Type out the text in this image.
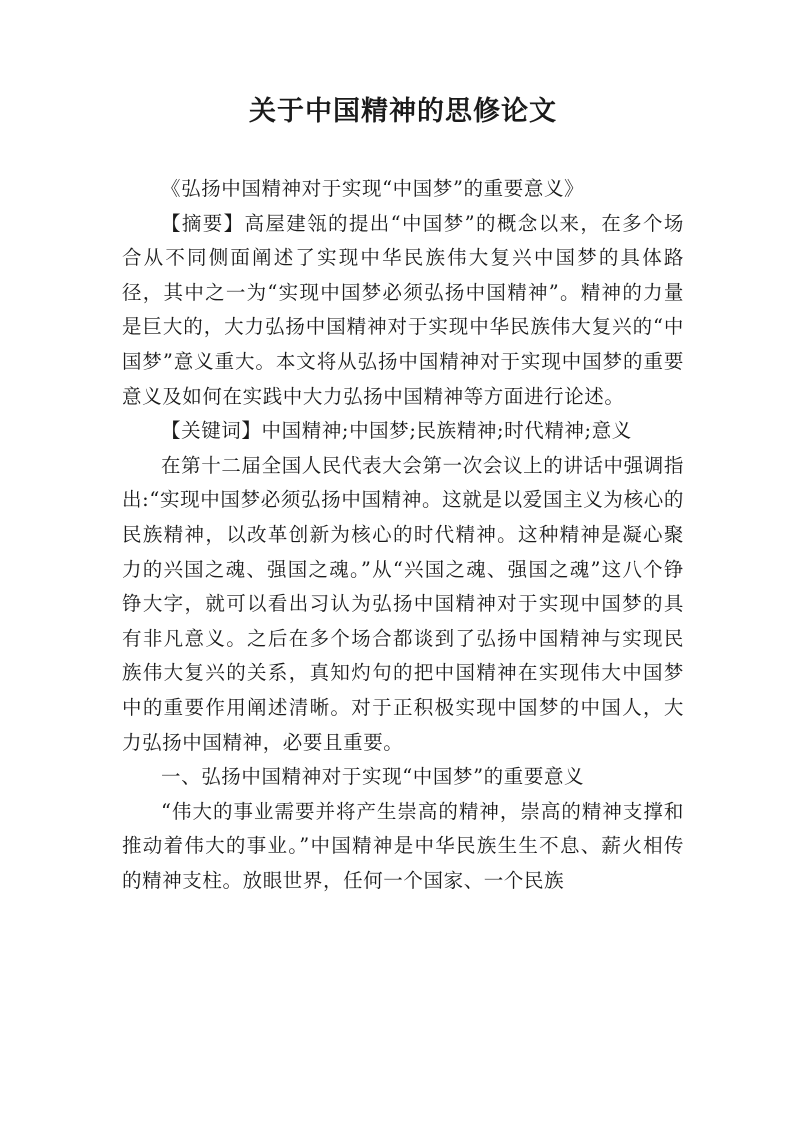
关于中国精神的思修论文

《弘扬中国精神对于实现“中国梦”的重要意义》

【摘要】高屋建瓴的提出“中国梦”的概念以来，在多个场合从不同侧面阐述了实现中华民族伟大复兴中国梦的具体路径，其中之一为“实现中国梦必须弘扬中国精神”。精神的力量是巨大的，大力弘扬中国精神对于实现中华民族伟大复兴的“中国梦”意义重大。本文将从弘扬中国精神对于实现中国梦的重要意义及如何在实践中大力弘扬中国精神等方面进行论述。

【关键词】中国精神;中国梦;民族精神;时代精神;意义

在第十二届全国人民代表大会第一次会议上的讲话中强调指出:“实现中国梦必须弘扬中国精神。这就是以爱国主义为核心的民族精神，以改革创新为核心的时代精神。这种精神是凝心聚力的兴国之魂、强国之魂。”从“兴国之魂、强国之魂”这八个铮铮大字，就可以看出习认为弘扬中国精神对于实现中国梦的具有非凡意义。之后在多个场合都谈到了弘扬中国精神与实现民族伟大复兴的关系，真知灼句的把中国精神在实现伟大中国梦中的重要作用阐述清晰。对于正积极实现中国梦的中国人，大力弘扬中国精神，必要且重要。

一、弘扬中国精神对于实现“中国梦”的重要意义

“伟大的事业需要并将产生崇高的精神，崇高的精神支撑和推动着伟大的事业。”中国精神是中华民族生生不息、薪火相传的精神支柱。放眼世界，任何一个国家、一个民族
